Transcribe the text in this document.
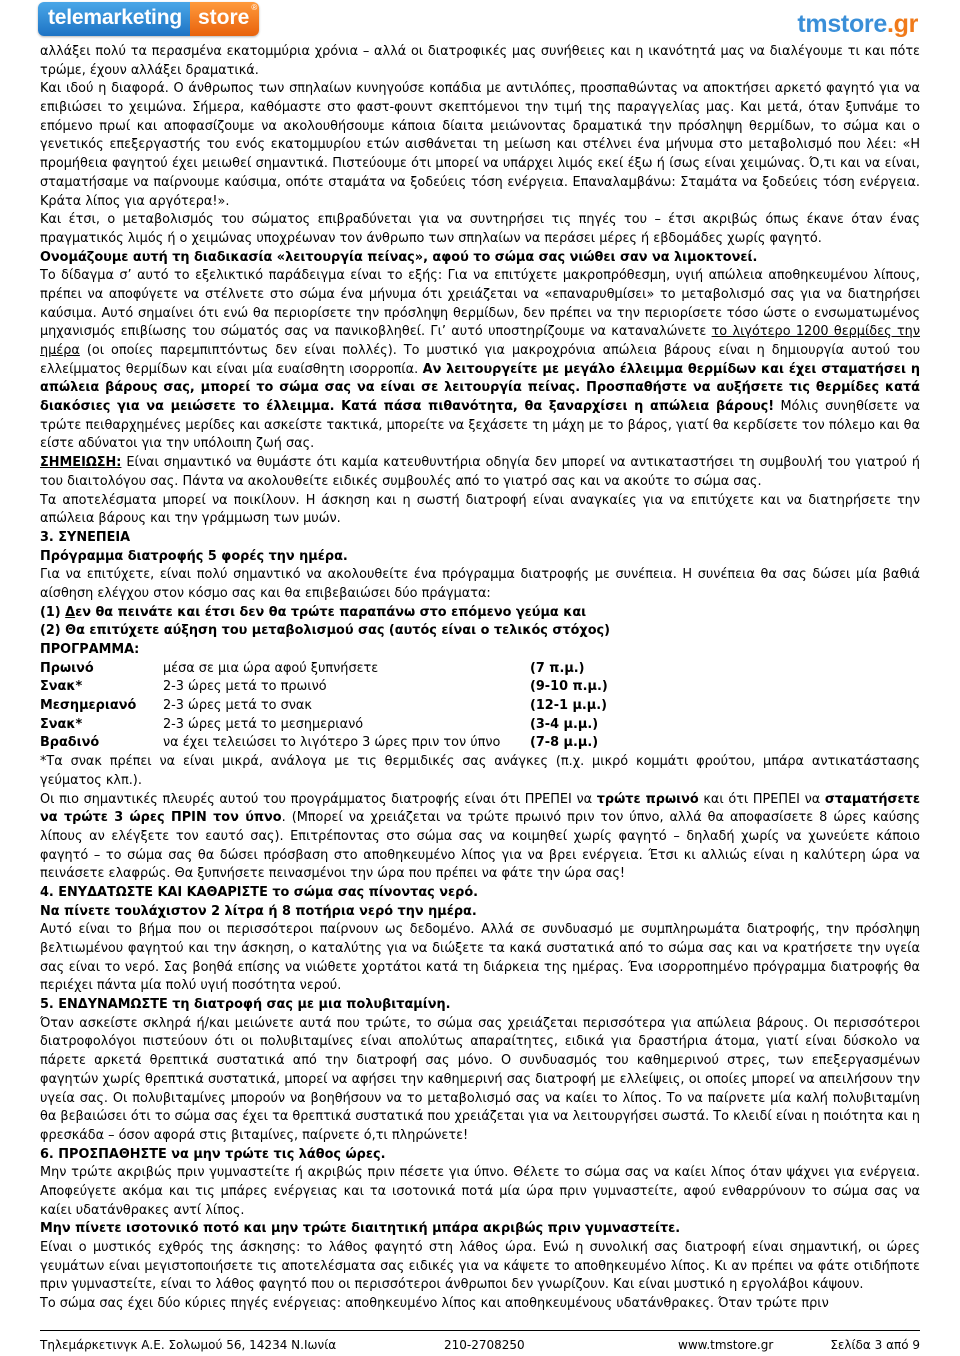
telemarketing store ®
tmstore.gr

αλλάξει πολύ τα περασμένα εκατομμύρια χρόνια – αλλά οι διατροφικές μας συνήθειες και η ικανότητά μας να διαλέγουμε τι και πότε τρώμε, έχουν αλλάξει δραματικά.

Και ιδού η διαφορά. Ο άνθρωπος των σπηλαίων κυνηγούσε κοπάδια με αντιλόπες, προσπαθώντας να αποκτήσει αρκετό φαγητό για να επιβιώσει το χειμώνα. Σήμερα, καθόμαστε στο φαστ-φουντ σκεπτόμενοι την τιμή της παραγγελίας μας. Και μετά, όταν ξυπνάμε το επόμενο πρωί και αποφασίζουμε να ακολουθήσουμε κάποια δίαιτα μειώνοντας δραματικά την πρόσληψη θερμίδων, το σώμα και ο γενετικός επεξεργαστής του ενός εκατομμυρίου ετών αισθάνεται τη μείωση και στέλνει ένα μήνυμα στο μεταβολισμό που λέει: «Η προμήθεια φαγητού έχει μειωθεί σημαντικά. Πιστεύουμε ότι μπορεί να υπάρχει λιμός εκεί έξω ή ίσως είναι χειμώνας. Ό,τι και να είναι, σταματήσαμε να παίρνουμε καύσιμα, οπότε σταμάτα να ξοδεύεις τόση ενέργεια. Επαναλαμβάνω: Σταμάτα να ξοδεύεις τόση ενέργεια. Κράτα λίπος για αργότερα!».

Και έτσι, ο μεταβολισμός του σώματος επιβραδύνεται για να συντηρήσει τις πηγές του – έτσι ακριβώς όπως έκανε όταν ένας πραγματικός λιμός ή ο χειμώνας υποχρέωναν τον άνθρωπο των σπηλαίων να περάσει μέρες ή εβδομάδες χωρίς φαγητό.

Ονομάζουμε αυτή τη διαδικασία «λειτουργία πείνας», αφού το σώμα σας νιώθει σαν να λιμοκτονεί.

Το δίδαγμα σ’ αυτό το εξελικτικό παράδειγμα είναι το εξής: Για να επιτύχετε μακροπρόθεσμη, υγιή απώλεια αποθηκευμένου λίπους, πρέπει να αποφύγετε να στέλνετε στο σώμα ένα μήνυμα ότι χρειάζεται να «επαναρυθμίσει» το μεταβολισμό σας για να διατηρήσει καύσιμα. Αυτό σημαίνει ότι ενώ θα περιορίσετε την πρόσληψη θερμίδων, δεν πρέπει να την περιορίσετε τόσο ώστε ο ενσωματωμένος μηχανισμός επιβίωσης του σώματός σας να πανικοβληθεί. Γι’ αυτό υποστηρίζουμε να καταναλώνετε το λιγότερο 1200 θερμίδες την ημέρα (οι οποίες παρεμπιπτόντως δεν είναι πολλές). Το μυστικό για μακροχρόνια απώλεια βάρους είναι η δημιουργία αυτού του ελλείμματος θερμίδων και είναι μία ευαίσθητη ισορροπία. Αν λειτουργείτε με μεγάλο έλλειμμα θερμίδων και έχει σταματήσει η απώλεια βάρους σας, μπορεί το σώμα σας να είναι σε λειτουργία πείνας. Προσπαθήστε να αυξήσετε τις θερμίδες κατά διακόσιες για να μειώσετε το έλλειμμα. Κατά πάσα πιθανότητα, θα ξαναρχίσει η απώλεια βάρους! Μόλις συνηθίσετε να τρώτε πειθαρχημένες μερίδες και ασκείστε τακτικά, μπορείτε να ξεχάσετε τη μάχη με το βάρος, γιατί θα κερδίσετε τον πόλεμο και θα είστε αδύνατοι για την υπόλοιπη ζωή σας.

ΣΗΜΕΙΩΣΗ: Είναι σημαντικό να θυμάστε ότι καμία κατευθυντήρια οδηγία δεν μπορεί να αντικαταστήσει τη συμβουλή του γιατρού ή του διαιτολόγου σας. Πάντα να ακολουθείτε ειδικές συμβουλές από το γιατρό σας και να ακούτε το σώμα σας.

Τα αποτελέσματα μπορεί να ποικίλουν. Η άσκηση και η σωστή διατροφή είναι αναγκαίες για να επιτύχετε και να διατηρήσετε την απώλεια βάρους και την γράμμωση των μυών.

3. ΣΥΝΕΠΕΙΑ

Πρόγραμμα διατροφής 5 φορές την ημέρα.

Για να επιτύχετε, είναι πολύ σημαντικό να ακολουθείτε ένα πρόγραμμα διατροφής με συνέπεια. Η συνέπεια θα σας δώσει μία βαθιά αίσθηση ελέγχου στον κόσμο σας και θα επιβεβαιώσει δύο πράγματα:

(1) Δεν θα πεινάτε και έτσι δεν θα τρώτε παραπάνω στο επόμενο γεύμα και

(2) Θα επιτύχετε αύξηση του μεταβολισμού σας (αυτός είναι ο τελικός στόχος)

ΠΡΟΓΡΑΜΜΑ:

Πρωινό	μέσα σε μια ώρα αφού ξυπνήσετε	(7 π.μ.)
Σνακ*	2-3 ώρες μετά το πρωινό	(9-10 π.μ.)
Μεσημεριανό	2-3 ώρες μετά το σνακ	(12-1 μ.μ.)
Σνακ*	2-3 ώρες μετά το μεσημεριανό	(3-4 μ.μ.)
Βραδινό	να έχει τελειώσει το λιγότερο 3 ώρες πριν τον ύπνο	(7-8 μ.μ.)

*Τα σνακ πρέπει να είναι μικρά, ανάλογα με τις θερμιδικές σας ανάγκες (π.χ. μικρό κομμάτι φρούτου, μπάρα αντικατάστασης γεύματος κλπ.).

Οι πιο σημαντικές πλευρές αυτού του προγράμματος διατροφής είναι ότι ΠΡΕΠΕΙ να τρώτε πρωινό και ότι ΠΡΕΠΕΙ να σταματήσετε να τρώτε 3 ώρες ΠΡΙΝ τον ύπνο. (Μπορεί να χρειάζεται να τρώτε πρωινό πριν τον ύπνο, αλλά θα αποφασίσετε 8 ώρες καύσης λίπους αν ελέγξετε τον εαυτό σας). Επιτρέποντας στο σώμα σας να κοιμηθεί χωρίς φαγητό – δηλαδή χωρίς να χωνεύετε κάποιο φαγητό – το σώμα σας θα δώσει πρόσβαση στο αποθηκευμένο λίπος για να βρει ενέργεια. Έτσι κι αλλιώς είναι η καλύτερη ώρα να πεινάσετε ελαφρώς. Θα ξυπνήσετε πεινασμένοι την ώρα που πρέπει να φάτε την ώρα σας!

4. ΕΝΥΔΑΤΩΣΤΕ ΚΑΙ ΚΑΘΑΡΙΣΤΕ το σώμα σας πίνοντας νερό.

Να πίνετε τουλάχιστον 2 λίτρα ή 8 ποτήρια νερό την ημέρα.

Αυτό είναι το βήμα που οι περισσότεροι παίρνουν ως δεδομένο. Αλλά σε συνδυασμό με συμπληρωμάτα διατροφής, την πρόσληψη βελτιωμένου φαγητού και την άσκηση, ο καταλύτης για να διώξετε τα κακά συστατικά από το σώμα σας και να κρατήσετε την υγεία σας είναι το νερό. Σας βοηθά επίσης να νιώθετε χορτάτοι κατά τη διάρκεια της ημέρας. Ένα ισορροπημένο πρόγραμμα διατροφής θα περιέχει πάντα μία πολύ υγιή ποσότητα νερού.

5. ΕΝΔΥΝΑΜΩΣΤΕ τη διατροφή σας με μια πολυβιταμίνη.

Όταν ασκείστε σκληρά ή/και μειώνετε αυτά που τρώτε, το σώμα σας χρειάζεται περισσότερα για απώλεια βάρους. Οι περισσότεροι διατροφολόγοι πιστεύουν ότι οι πολυβιταμίνες είναι απολύτως απαραίτητες, ειδικά για δραστήρια άτομα, γιατί είναι δύσκολο να πάρετε αρκετά θρεπτικά συστατικά από την διατροφή σας μόνο. Ο συνδυασμός του καθημερινού στρες, των επεξεργασμένων φαγητών χωρίς θρεπτικά συστατικά, μπορεί να αφήσει την καθημερινή σας διατροφή με ελλείψεις, οι οποίες μπορεί να απειλήσουν την υγεία σας. Οι πολυβιταμίνες μπορούν να βοηθήσουν να το μεταβολισμό σας να καίει το λίπος. Το να παίρνετε μία καλή πολυβιταμίνη θα βεβαιώσει ότι το σώμα σας έχει τα θρεπτικά συστατικά που χρειάζεται για να λειτουργήσει σωστά. Το κλειδί είναι η ποιότητα και η φρεσκάδα – όσον αφορά στις βιταμίνες, παίρνετε ό,τι πληρώνετε!

6. ΠΡΟΣΠΑΘΗΣΤΕ να μην τρώτε τις λάθος ώρες.

Μην τρώτε ακριβώς πριν γυμναστείτε ή ακριβώς πριν πέσετε για ύπνο. Θέλετε το σώμα σας να καίει λίπος όταν ψάχνει για ενέργεια. Αποφεύγετε ακόμα και τις μπάρες ενέργειας και τα ισοτονικά ποτά μία ώρα πριν γυμναστείτε, αφού ενθαρρύνουν το σώμα σας να καίει υδατάνθρακες αντί λίπος.

Μην πίνετε ισοτονικό ποτό και μην τρώτε διαιτητική μπάρα ακριβώς πριν γυμναστείτε.

Είναι ο μυστικός εχθρός της άσκησης: το λάθος φαγητό στη λάθος ώρα. Ενώ η συνολική σας διατροφή είναι σημαντική, οι ώρες γευμάτων είναι μεγιστοποιήσετε τις αποτελέσματα σας ειδικές για να κάψετε το αποθηκευμένο λίπος. Κι αν πρέπει να φάτε οτιδήποτε πριν γυμναστείτε, είναι το λάθος φαγητό που οι περισσότεροι άνθρωποι δεν γνωρίζουν. Και είναι μυστικό η εργολάβοι κάψουν.

Το σώμα σας έχει δύο κύριες πηγές ενέργειας: αποθηκευμένο λίπος και αποθηκευμένους υδατάνθρακες. Όταν τρώτε πριν

Τηλεμάρκετινγκ Α.Ε. Σολωμού 56, 14234 Ν.Ιωνία	210-2708250	www.tmstore.gr	Σελίδα 3 από 9
